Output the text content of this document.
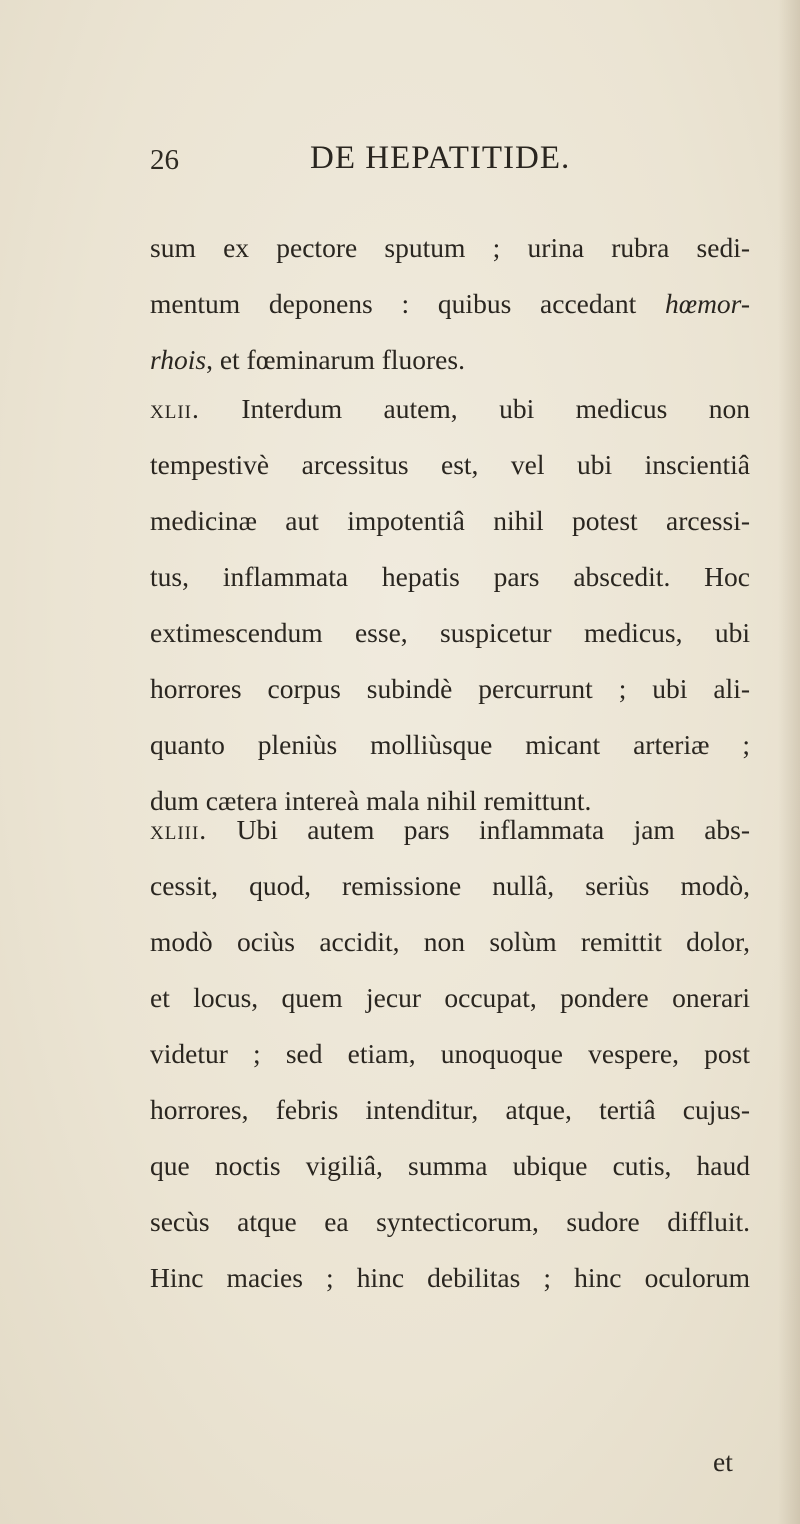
26	DE HEPATITIDE.
sum ex pectore sputum ; urina rubra sedi-
mentum deponens : quibus accedant hœmor-
rhois, et fœminarum fluores.
xlii. Interdum autem, ubi medicus non
tempestivè arcessitus est, vel ubi inscientiâ
medicinæ aut impotentiâ nihil potest arcessi-
tus, inflammata hepatis pars abscedit. Hoc
extimescendum esse, suspicetur medicus, ubi
horrores corpus subindè percurrunt ; ubi ali-
quanto pleniùs molliùsque micant arteriæ ;
dum cætera intereà mala nihil remittunt.
xliii. Ubi autem pars inflammata jam abs-
cessit, quod, remissione nullâ, seriùs modò,
modò ociùs accidit, non solùm remittit dolor,
et locus, quem jecur occupat, pondere onerari
videtur ; sed etiam, unoquoque vespere, post
horrores, febris intenditur, atque, tertiâ cujus-
que noctis vigiliâ, summa ubique cutis, haud
secùs atque ea syntecticorum, sudore diffluit.
Hinc macies ; hinc debilitas ; hinc oculorum
et
